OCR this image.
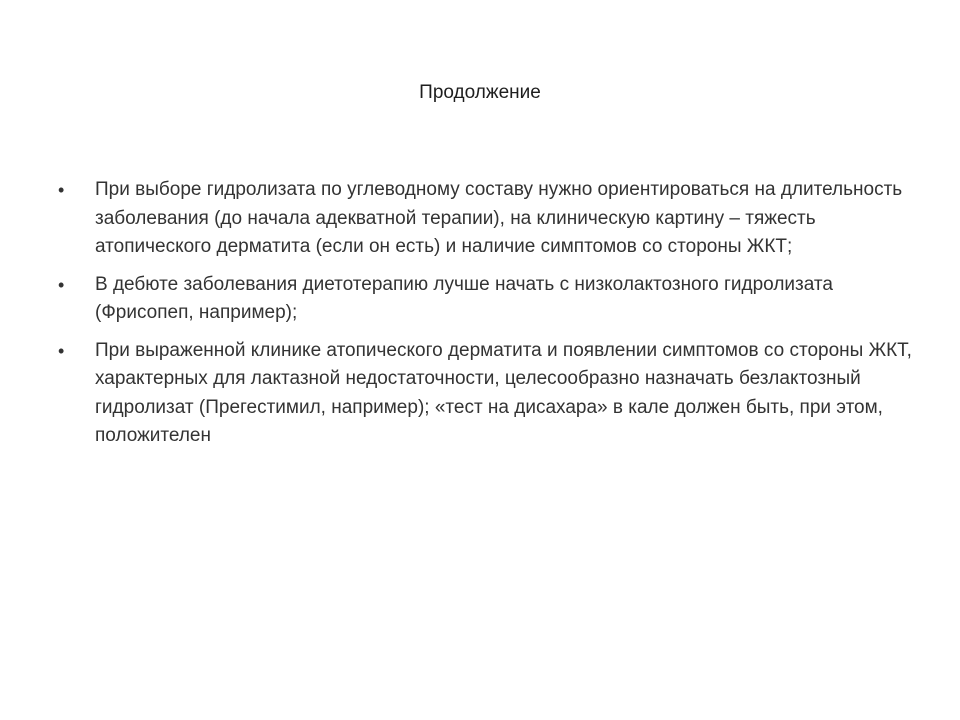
Продолжение
•	При выборе гидролизата по углеводному составу нужно ориентироваться на длительность заболевания (до начала адекватной терапии), на клиническую картину – тяжесть атопического дерматита (если он есть) и наличие симптомов со стороны ЖКТ;
•	В дебюте заболевания диетотерапию лучше начать с низколактозного гидролизата (Фрисопеп, например);
•	При выраженной клинике атопического дерматита и появлении симптомов со стороны ЖКТ, характерных для лактазной недостаточности, целесообразно назначать безлактозный гидролизат (Прегестимил, например); «тест на дисахара» в кале должен быть, при этом, положителен
